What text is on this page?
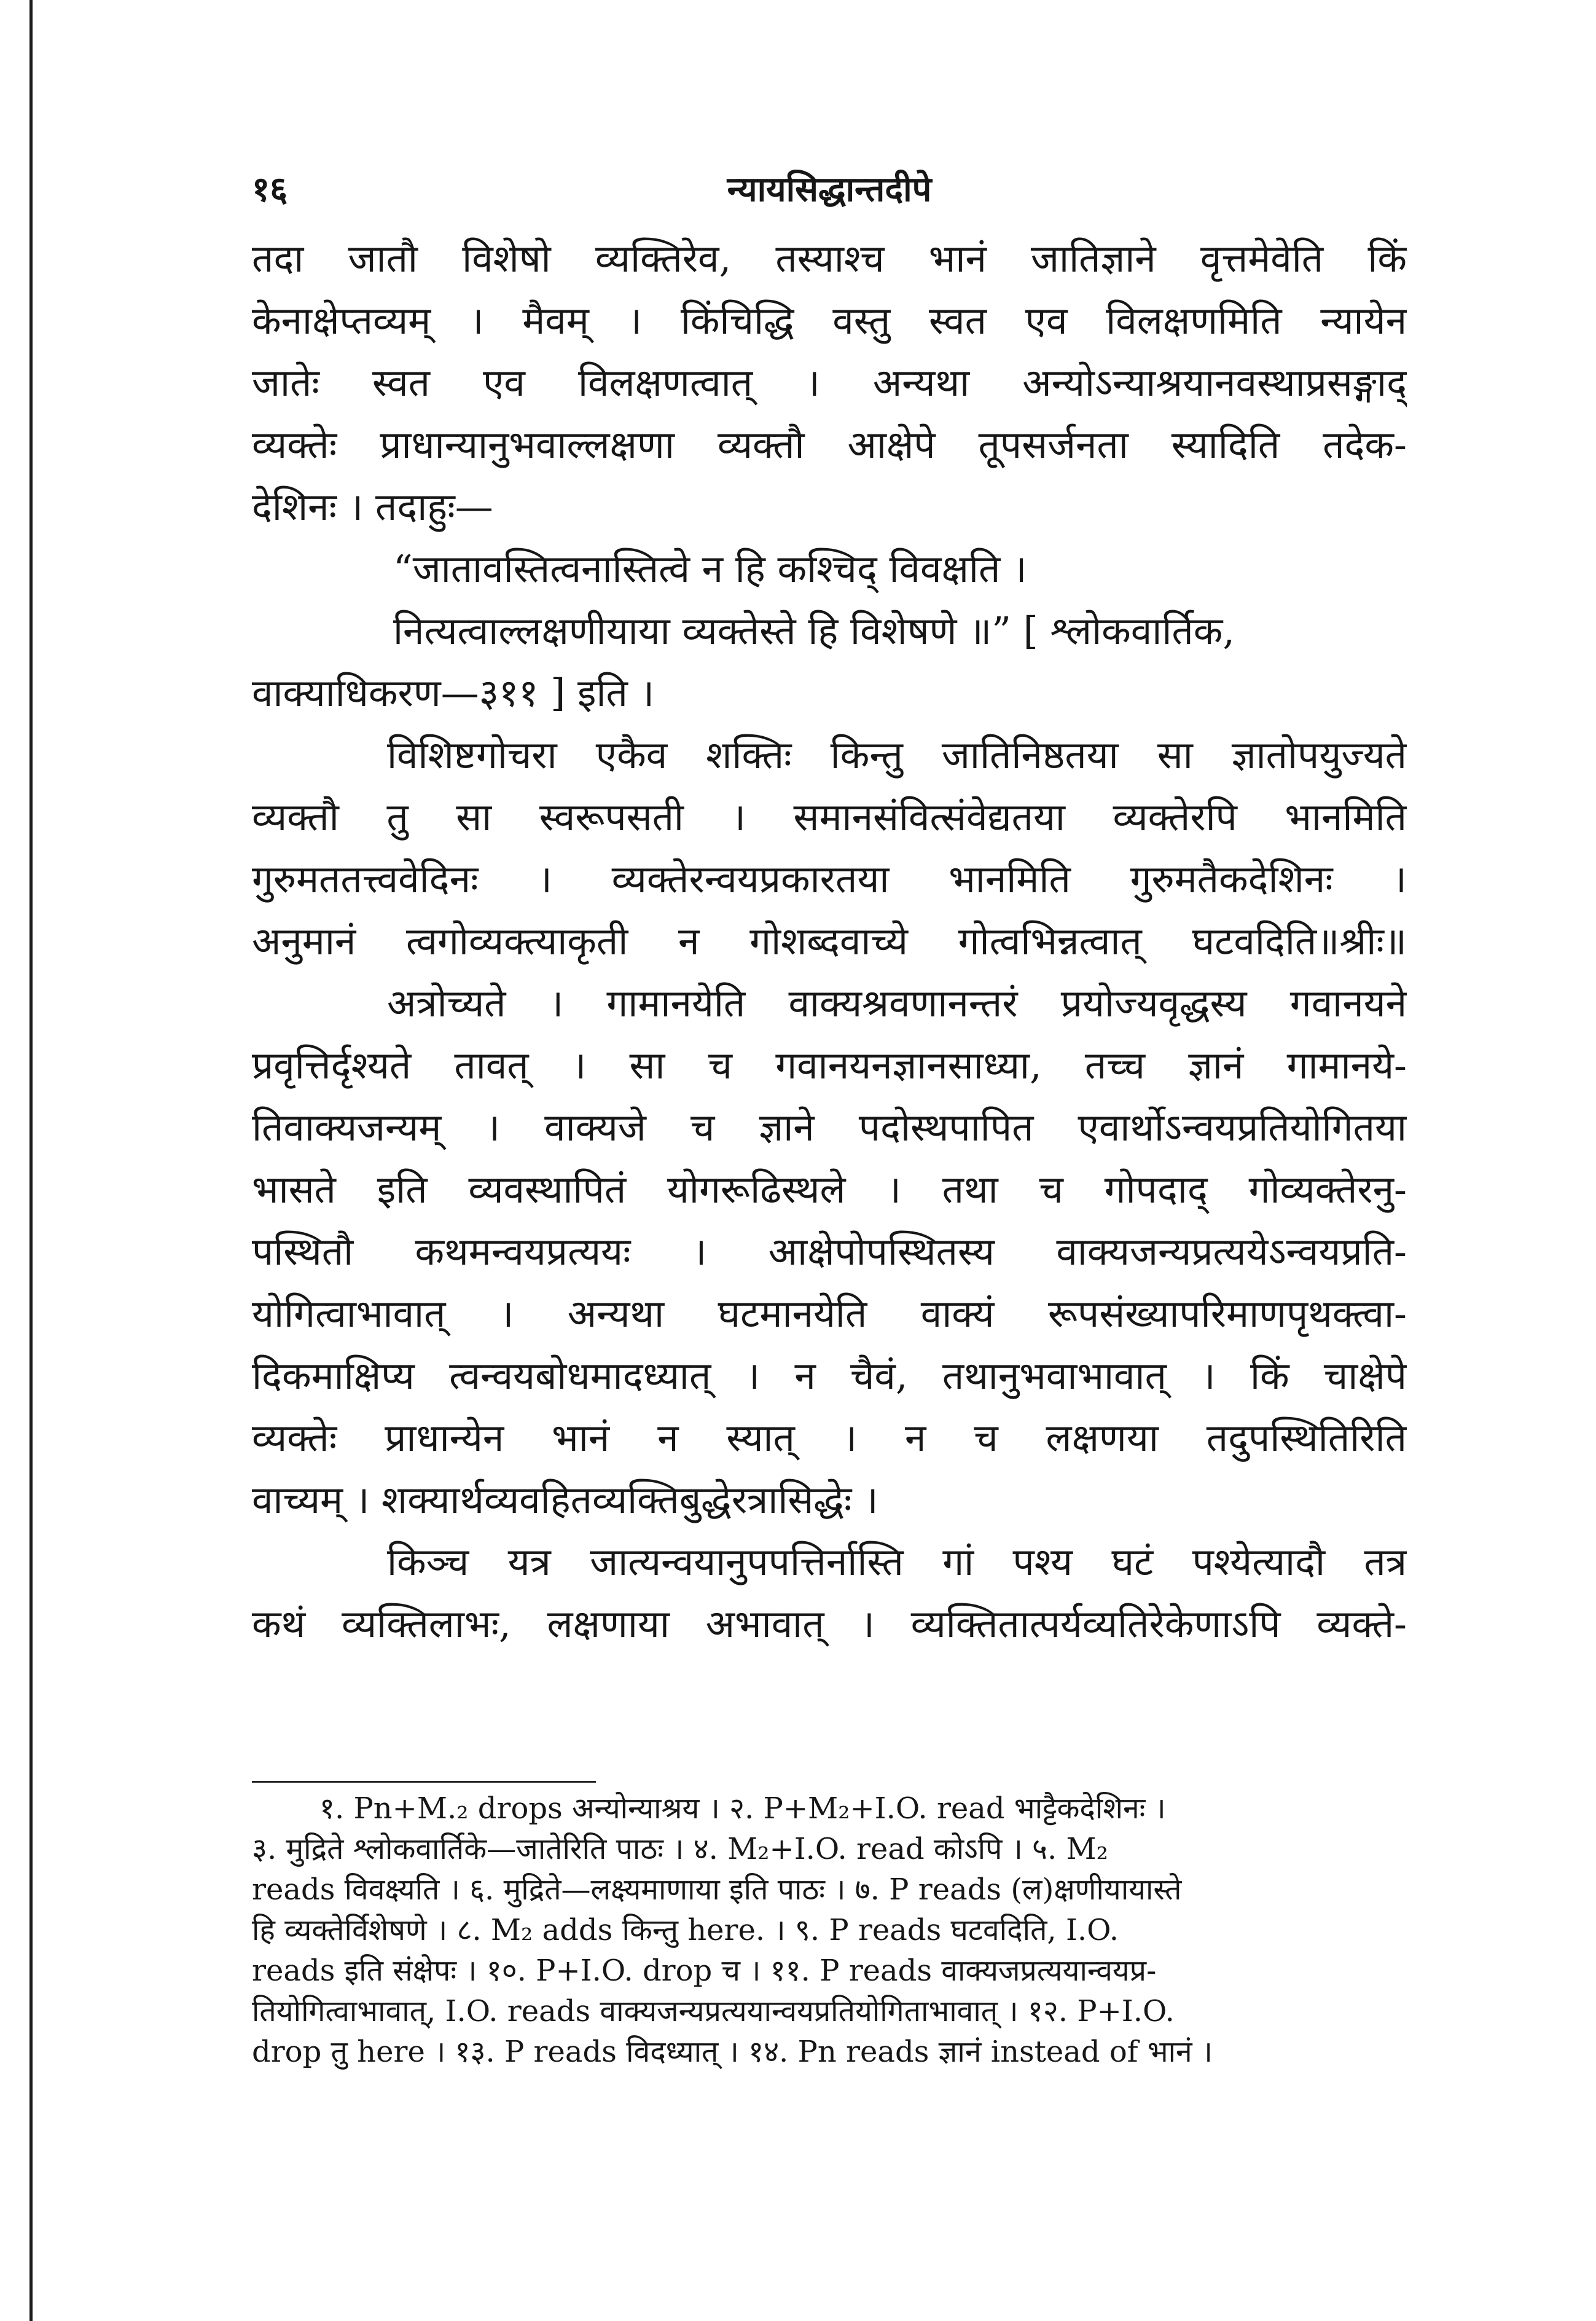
१६	न्यायसिद्धान्तदीपे
तदा जातौ विशेषो व्यक्तिरेव, तस्याश्च भानं जातिज्ञाने वृत्तमेवेति किं
केनाक्षेप्तव्यम् । मैवम् । किंचिद्धि वस्तु स्वत एव विलक्षणमिति न्यायेन
जातेः स्वत एव विलक्षणत्वात् । अन्यथा अन्योऽन्याश्रयानवस्थाप्रसङ्गाद्
व्यक्तेः प्राधान्यानुभवाल्लक्षणा व्यक्तौ आक्षेपे तूपसर्जनता स्यादिति तदेक-
देशिनः । तदाहुः—
“जातावस्तित्वनास्तित्वे न हि कश्चिद् विवक्षति ।
नित्यत्वाल्लक्षणीयाया व्यक्तेस्ते हि विशेषणे ॥” [ श्लोकवार्तिक,
वाक्याधिकरण—३११ ] इति ।
विशिष्टगोचरा एकैव शक्तिः किन्तु जातिनिष्ठतया सा ज्ञातोपयुज्यते
व्यक्तौ तु सा स्वरूपसती । समानसंवित्संवेद्यतया व्यक्तेरपि भानमिति
गुरुमततत्त्ववेदिनः । व्यक्तेरन्वयप्रकारतया भानमिति गुरुमतैकदेशिनः ।
अनुमानं त्वगोव्यक्त्याकृती न गोशब्दवाच्ये गोत्वभिन्नत्वात् घटवदिति॥श्रीः॥
अत्रोच्यते । गामानयेति वाक्यश्रवणानन्तरं प्रयोज्यवृद्धस्य गवानयने
प्रवृत्तिर्दृश्यते तावत् । सा च गवानयनज्ञानसाध्या, तच्च ज्ञानं गामानये-
तिवाक्यजन्यम् । वाक्यजे च ज्ञाने पदोस्थपापित एवार्थोऽन्वयप्रतियोगितया
भासते इति व्यवस्थापितं योगरूढिस्थले । तथा च गोपदाद् गोव्यक्तेरनु-
पस्थितौ कथमन्वयप्रत्ययः । आक्षेपोपस्थितस्य वाक्यजन्यप्रत्ययेऽन्वयप्रति-
योगित्वाभावात् । अन्यथा घटमानयेति वाक्यं रूपसंख्यापरिमाणपृथक्त्वा-
दिकमाक्षिप्य त्वन्वयबोधमादध्यात् । न चैवं, तथानुभवाभावात् । किं चाक्षेपे
व्यक्तेः प्राधान्येन भानं न स्यात् । न च लक्षणया तदुपस्थितिरिति
वाच्यम् । शक्यार्थव्यवहितव्यक्तिबुद्धेरत्रासिद्धेः ।
किञ्च यत्र जात्यन्वयानुपपत्तिर्नास्ति गां पश्य घटं पश्येत्यादौ तत्र
कथं व्यक्तिलाभः, लक्षणाया अभावात् । व्यक्तितात्पर्यव्यतिरेकेणाऽपि व्यक्ते-
१. Pn+M.₂ drops अन्योन्याश्रय । २. P+M₂+I.O. read भाट्टैकदेशिनः ।
३. मुद्रिते श्लोकवार्तिके—जातेरिति पाठः । ४. M₂+I.O. read कोऽपि । ५. M₂
reads विवक्ष्यति । ६. मुद्रिते—लक्ष्यमाणाया इति पाठः । ७. P reads (ल)क्षणीयायास्ते
हि व्यक्तेर्विशेषणे । ८. M₂ adds किन्तु here. । ९. P reads घटवदिति, I.O.
reads इति संक्षेपः । १०. P+I.O. drop च । ११. P reads वाक्यजप्रत्ययान्वयप्र-
तियोगित्वाभावात्, I.O. reads वाक्यजन्यप्रत्ययान्वयप्रतियोगिताभावात् । १२. P+I.O.
drop तु here । १३. P reads विदध्यात् । १४. Pn reads ज्ञानं instead of भानं ।
